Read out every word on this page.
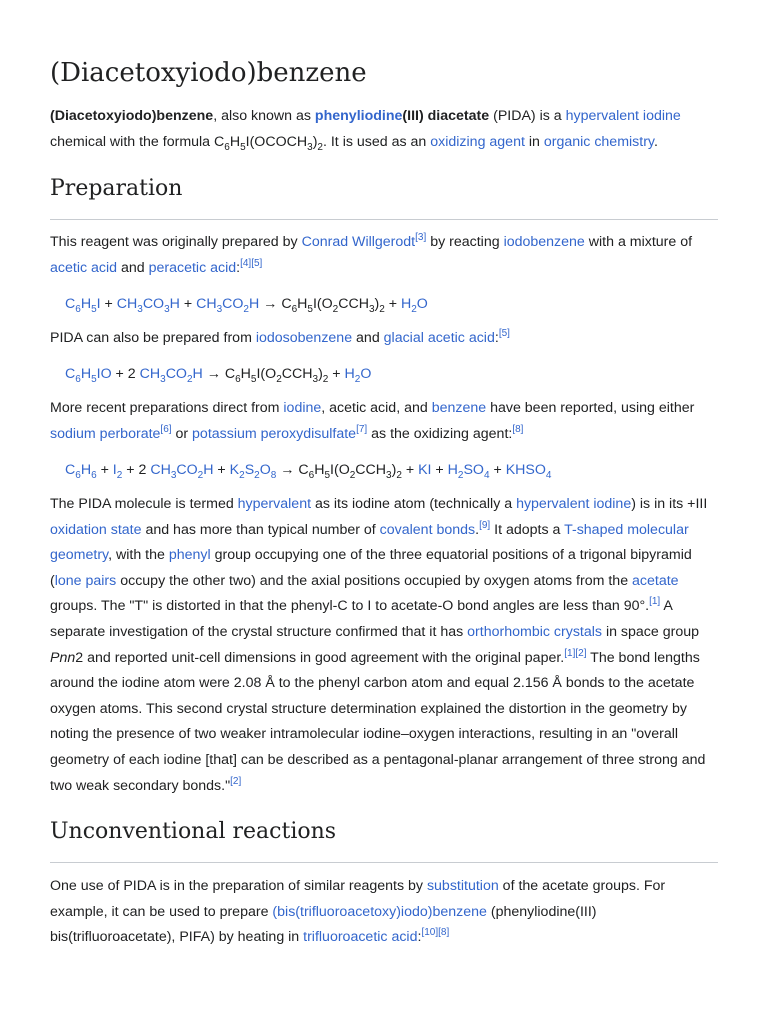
(Diacetoxyiodo)benzene

(Diacetoxyiodo)benzene, also known as phenyliodine(III) diacetate (PIDA) is a hypervalent iodine chemical with the formula $C_6H_5I(OCOCH_3)_2$. It is used as an oxidizing agent in organic chemistry.

Preparation

This reagent was originally prepared by Conrad Willgerodt[3] by reacting iodobenzene with a mixture of acetic acid and peracetic acid:[4][5]

$C_6H_5I + CH_3CO_3H + CH_3CO_2H \to C_6H_5I(O_2CCH_3)_2 + H_2O$

PIDA can also be prepared from iodosobenzene and glacial acetic acid:[5]

$C_6H_5IO + 2$ $CH_3CO_2H \to C_6H_5I(O_2CCH_3)_2 + H_2O$

More recent preparations direct from iodine, acetic acid, and benzene have been reported, using either sodium perborate[6] or potassium peroxydisulfate[7] as the oxidizing agent:[8]

$C_6H_6 + I_2 + 2$ $CH_3CO_2H + K_2S_2O_8 \to C_6H_5I(O_2CCH_3)_2$ + KI + $H_2SO_4$ + $KHSO_4$

The PIDA molecule is termed hypervalent as its iodine atom (technically a hypervalent iodine) is in its +III oxidation state and has more than typical number of covalent bonds.[9] It adopts a T-shaped molecular geometry, with the phenyl group occupying one of the three equatorial positions of a trigonal bipyramid (lone pairs occupy the other two) and the axial positions occupied by oxygen atoms from the acetate groups. The "T" is distorted in that the phenyl-C to I to acetate-O bond angles are less than 90°.[1] A separate investigation of the crystal structure confirmed that it has orthorhombic crystals in space group Pnn2 and reported unit-cell dimensions in good agreement with the original paper.[1][2] The bond lengths around the iodine atom were 2.08 Å to the phenyl carbon atom and equal 2.156 Å bonds to the acetate oxygen atoms. This second crystal structure determination explained the distortion in the geometry by noting the presence of two weaker intramolecular iodine–oxygen interactions, resulting in an "overall geometry of each iodine [that] can be described as a pentagonal-planar arrangement of three strong and two weak secondary bonds."[2]

Unconventional reactions

One use of PIDA is in the preparation of similar reagents by substitution of the acetate groups. For example, it can be used to prepare (bis(trifluoroacetoxy)iodo)benzene (phenyliodine(III) bis(trifluoroacetate), PIFA) by heating in trifluoroacetic acid:[10][8]
